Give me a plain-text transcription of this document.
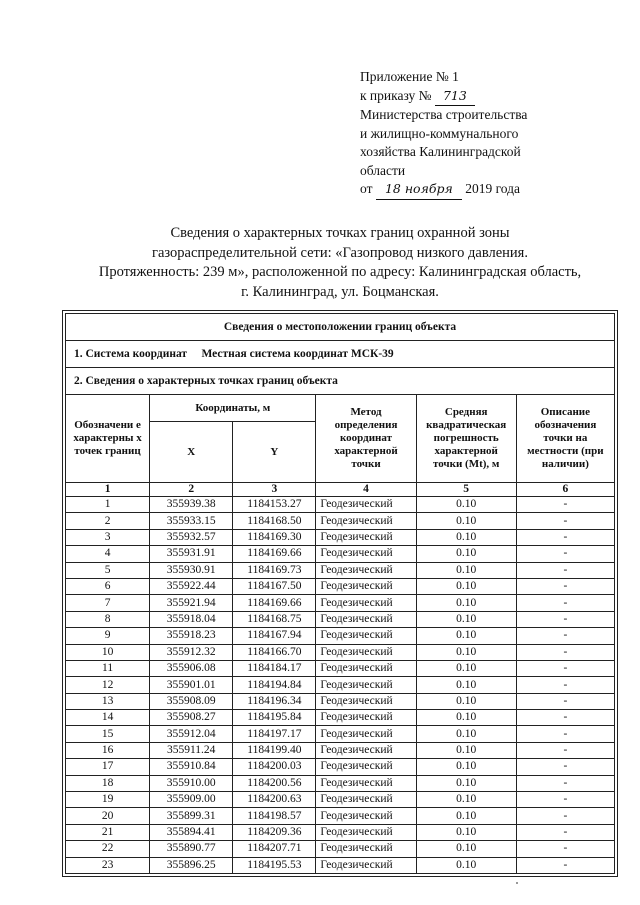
Приложение № 1
к приказу № 713
Министерства строительства
и жилищно-коммунального
хозяйства Калининградской
области
от 18 ноября 2019 года
Сведения о характерных точках границ охранной зоны
газораспределительной сети: «Газопровод низкого давления.
Протяженность: 239 м», расположенной по адресу: Калининградская область,
г. Калининград, ул. Боцманская.
Сведения о местоположении границ объекта					
1. Система координат Местная система координат МСК-39					
2. Сведения о характерных точках границ объекта					
Обозначени е характерны х точек границ	Координаты, м		Метод определения координат характерной точки	Средняя квадратическая погрешность характерной точки (Mt), м	Описание обозначения точки на местности (при наличии)
	X	Y			
1	2	3	4	5	6
1	355939.38	1184153.27	Геодезический	0.10	-
2	355933.15	1184168.50	Геодезический	0.10	-
3	355932.57	1184169.30	Геодезический	0.10	-
4	355931.91	1184169.66	Геодезический	0.10	-
5	355930.91	1184169.73	Геодезический	0.10	-
6	355922.44	1184167.50	Геодезический	0.10	-
7	355921.94	1184169.66	Геодезический	0.10	-
8	355918.04	1184168.75	Геодезический	0.10	-
9	355918.23	1184167.94	Геодезический	0.10	-
10	355912.32	1184166.70	Геодезический	0.10	-
11	355906.08	1184184.17	Геодезический	0.10	-
12	355901.01	1184194.84	Геодезический	0.10	-
13	355908.09	1184196.34	Геодезический	0.10	-
14	355908.27	1184195.84	Геодезический	0.10	-
15	355912.04	1184197.17	Геодезический	0.10	-
16	355911.24	1184199.40	Геодезический	0.10	-
17	355910.84	1184200.03	Геодезический	0.10	-
18	355910.00	1184200.56	Геодезический	0.10	-
19	355909.00	1184200.63	Геодезический	0.10	-
20	355899.31	1184198.57	Геодезический	0.10	-
21	355894.41	1184209.36	Геодезический	0.10	-
22	355890.77	1184207.71	Геодезический	0.10	-
23	355896.25	1184195.53	Геодезический	0.10	-
